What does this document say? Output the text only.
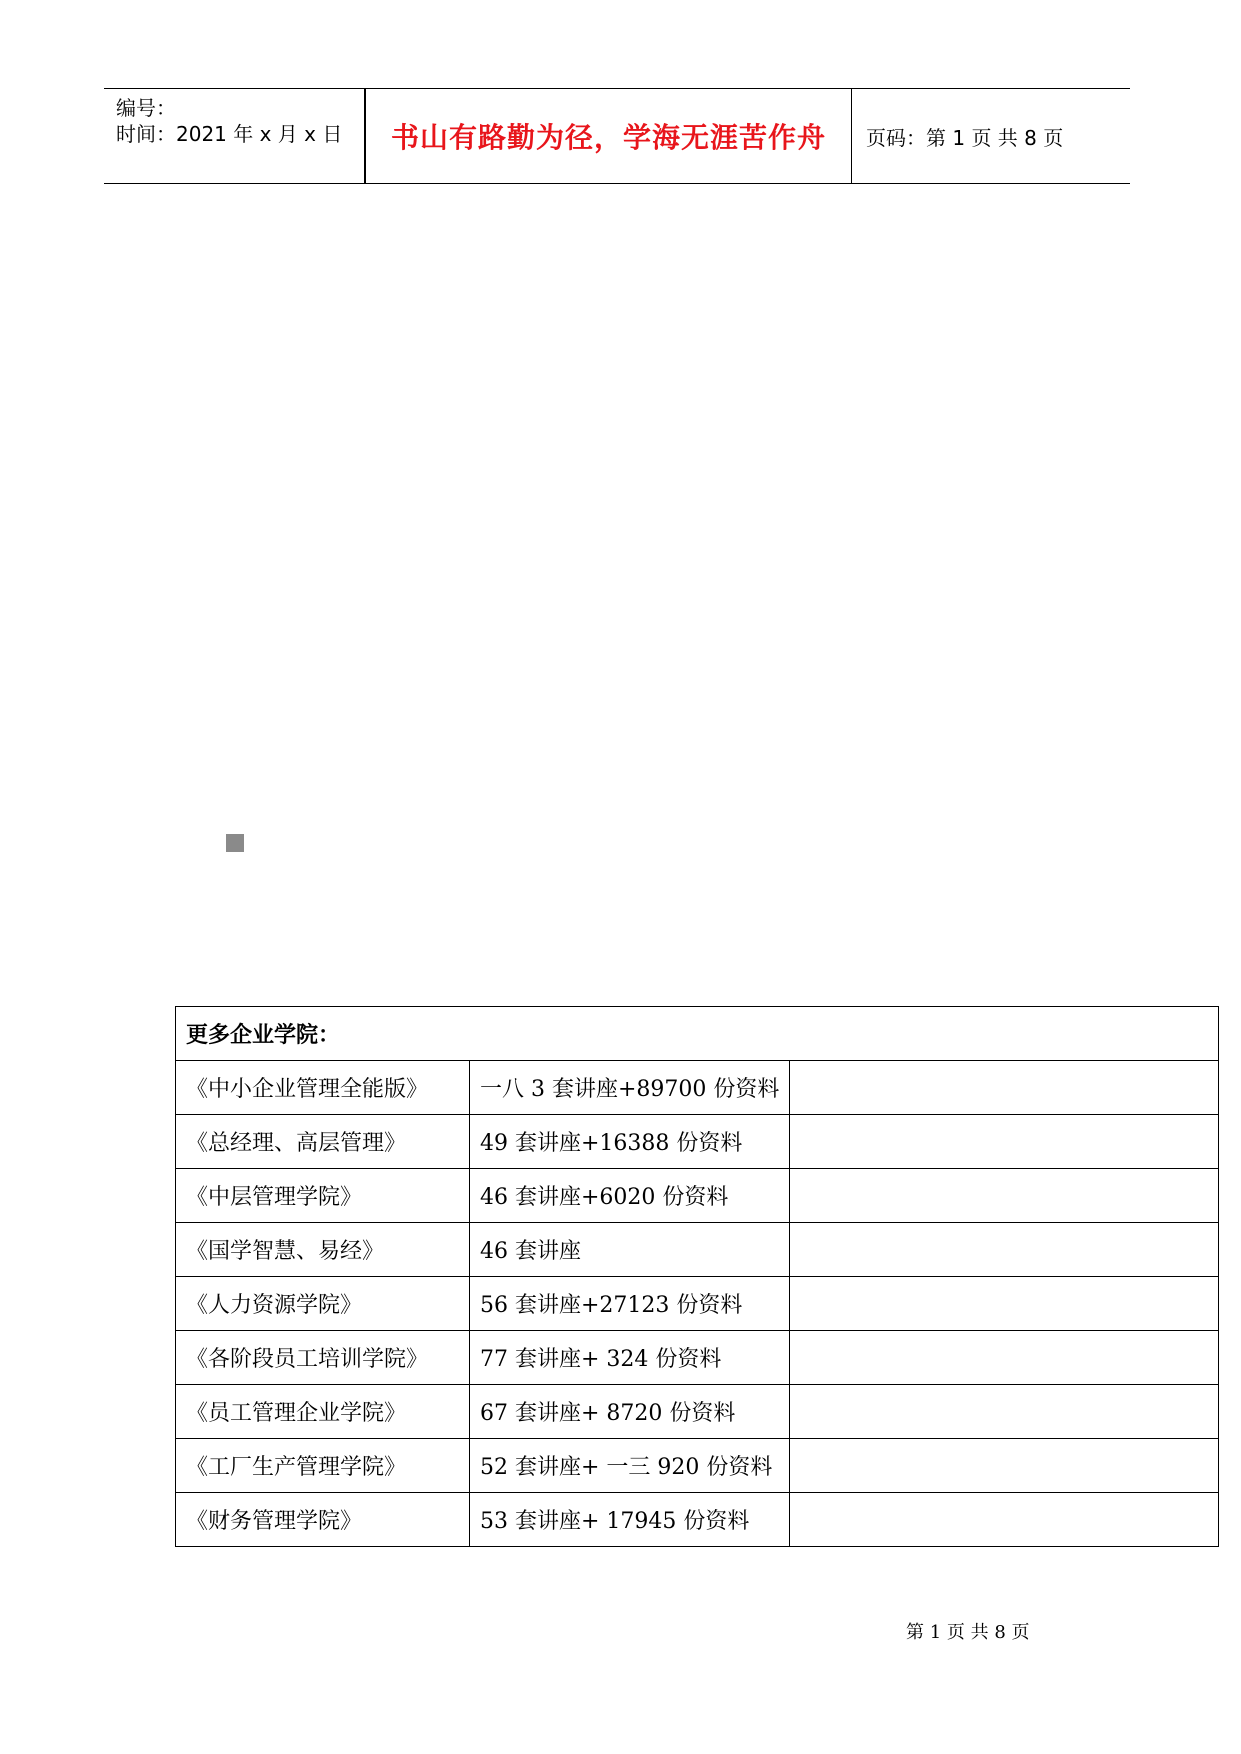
编号：
时间：2021 年 x 月 x 日 书山有路勤为径，学海无涯苦作舟 页码：第 1 页 共 8 页
更多企业学院：		
《中小企业管理全能版》	一八 3 套讲座+89700 份资料	
《总经理、高层管理》	49 套讲座+16388 份资料	
《中层管理学院》	46 套讲座+6020 份资料	
《国学智慧、易经》	46 套讲座	
《人力资源学院》	56 套讲座+27123 份资料	
《各阶段员工培训学院》	77 套讲座+ 324 份资料	
《员工管理企业学院》	67 套讲座+ 8720 份资料	
《工厂生产管理学院》	52 套讲座+ 一三 920 份资料	
《财务管理学院》	53 套讲座+ 17945 份资料	
第 1 页 共 8 页
